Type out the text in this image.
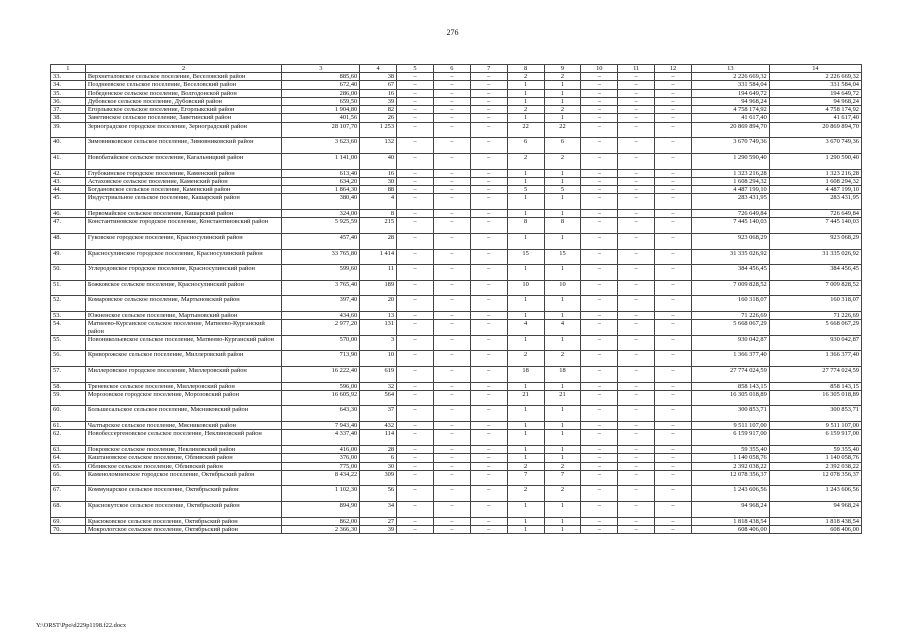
276
1	2	3	4	5	6	7	8	9	10	11	12	13	14
33.	Верхнеталовское сельское поселение, Веселовский район	885,60	38	–	–	–	2	2	–	–	–	2 226 669,32	2 226 669,32
34.	Позднеевское сельское поселение, Веселовский район	672,40	67	–	–	–	1	1	–	–	–	331 584,04	331 584,04
35.	Победенское сельское поселение, Волгодонской район	286,00	16	–	–	–	1	1	–	–	–	194 649,72	194 649,72
36.	Дубовское сельское поселение, Дубовский район	659,50	39	–	–	–	1	1	–	–	–	94 968,24	94 968,24
37.	Егорлыкское сельское поселение, Егорлыкский район	1 904,80	82	–	–	–	2	2	–	–	–	4 758 174,92	4 758 174,92
38.	Заветинское сельское поселение, Заветинский район	401,56	26	–	–	–	1	1	–	–	–	41 617,40	41 617,40
39.	Зерноградское городское поселение, Зерноградский район	28 107,70	1 253	–	–	–	22	22	–	–	–	20 869 894,70	20 869 894,70
40.	Зимовниковское сельское поселение, Зимовниковский район	3 623,60	132	–	–	–	6	6	–	–	–	3 670 749,36	3 670 749,36
41.	Новобатайское сельское поселение, Кагальницкий район	1 141,00	40	–	–	–	2	2	–	–	–	1 290 590,40	1 290 590,40
42.	Глубокинское городское поселение, Каменский район	613,40	16	–	–	–	1	1	–	–	–	1 323 216,28	1 323 216,28
43.	Астаховское сельское поселение, Каменский район	634,20	30	–	–	–	1	1	–	–	–	1 608 294,32	1 608 294,32
44.	Богдановское сельское поселение, Каменский район	1 864,30	88	–	–	–	5	5	–	–	–	4 487 199,10	4 487 199,10
45.	Индустриальное сельское поселение, Кашарский район	380,40	4	–	–	–	1	1	–	–	–	283 431,95	283 431,95
46.	Первомайское сельское поселение, Кашарский район	324,00	8	–	–	–	1	1	–	–	–	726 649,84	726 649,84
47.	Константиновское городское поселение, Константиновский район	5 925,59	215	–	–	–	8	8	–	–	–	7 445 140,03	7 445 140,03
48.	Гуковское городское поселение, Красносулинский район	457,40	28	–	–	–	1	1	–	–	–	923 068,29	923 068,29
49.	Красносулинское городское поселение, Красносулинский район	33 765,80	1 414	–	–	–	15	15	–	–	–	31 335 026,92	31 335 026,92
50.	Углеродовское городское поселение, Красносулинский район	599,60	11	–	–	–	1	1	–	–	–	384 456,45	384 456,45
51.	Божковское сельское поселение, Красносулинский район	3 765,40	189	–	–	–	10	10	–	–	–	7 009 828,52	7 009 828,52
52.	Комаровское сельское поселение, Мартыновский район	397,40	20	–	–	–	1	1	–	–	–	160 318,07	160 318,07
53.	Южненское сельское поселение, Мартыновский район	434,60	13	–	–	–	1	1	–	–	–	71 226,69	71 226,69
54.	Матвеево-Курганское сельское поселение, Матвеево-Курганский район	2 977,20	131	–	–	–	4	4	–	–	–	5 668 067,29	5 668 067,29
55.	Новоникольевское сельское поселение, Матвеево-Курганский район	570,00	3	–	–	–	1	1	–	–	–	930 042,87	930 042,87
56.	Криворожское сельское поселение, Миллеровский район	713,90	10	–	–	–	2	2	–	–	–	1 366 377,40	1 366 377,40
57.	Миллеровское городское поселение, Миллеровский район	16 222,40	619	–	–	–	18	18	–	–	–	27 774 024,59	27 774 024,59
58.	Треневское сельское поселение, Миллеровский район	596,00	32	–	–	–	1	1	–	–	–	858 143,15	858 143,15
59.	Морозовское городское поселение, Морозовский район	16 605,92	564	–	–	–	21	21	–	–	–	16 305 018,89	16 305 018,89
60.	Большесальское сельское поселение, Мясниковский район	643,30	37	–	–	–	1	1	–	–	–	300 853,71	300 853,71
61.	Чалтырское сельское поселение, Мясниковский район	7 943,40	432	–	–	–	1	1	–	–	–	9 511 107,00	9 511 107,00
62.	Новобессергеновское сельское поселение, Неклиновский район	4 337,40	114	–	–	–	1	1	–	–	–	6 159 917,00	6 159 917,00
63.	Покровское сельское поселение, Неклиновский район	416,00	28	–	–	–	1	1	–	–	–	59 355,40	59 355,40
64.	Каштановское сельское поселение, Обливский район	376,00	6	–	–	–	1	1	–	–	–	1 140 058,76	1 140 058,76
65.	Обливское сельское поселение, Обливский район	775,00	30	–	–	–	2	2	–	–	–	2 392 038,22	2 392 038,22
66.	Каменоломненское городское поселение, Октябрьский район	8 434,22	309	–	–	–	7	7	–	–	–	12 078 356,37	12 078 356,37
67.	Коммунарское сельское поселение, Октябрьский район	1 102,30	56	–	–	–	2	2	–	–	–	1 243 606,56	1 243 606,56
68.	Краснокутское сельское поселение, Октябрьский район	894,90	34	–	–	–	1	1	–	–	–	94 968,24	94 968,24
69.	Красюковское сельское поселение, Октябрьский район	862,00	27	–	–	–	1	1	–	–	–	1 818 438,54	1 818 438,54
70.	Мокрологское сельское поселение, Октябрьский район	2 366,30	39	–	–	–	1	1	–	–	–	608 406,00	608 406,00
Y:\ORST\Ppo\d229p1198.f22.docx
